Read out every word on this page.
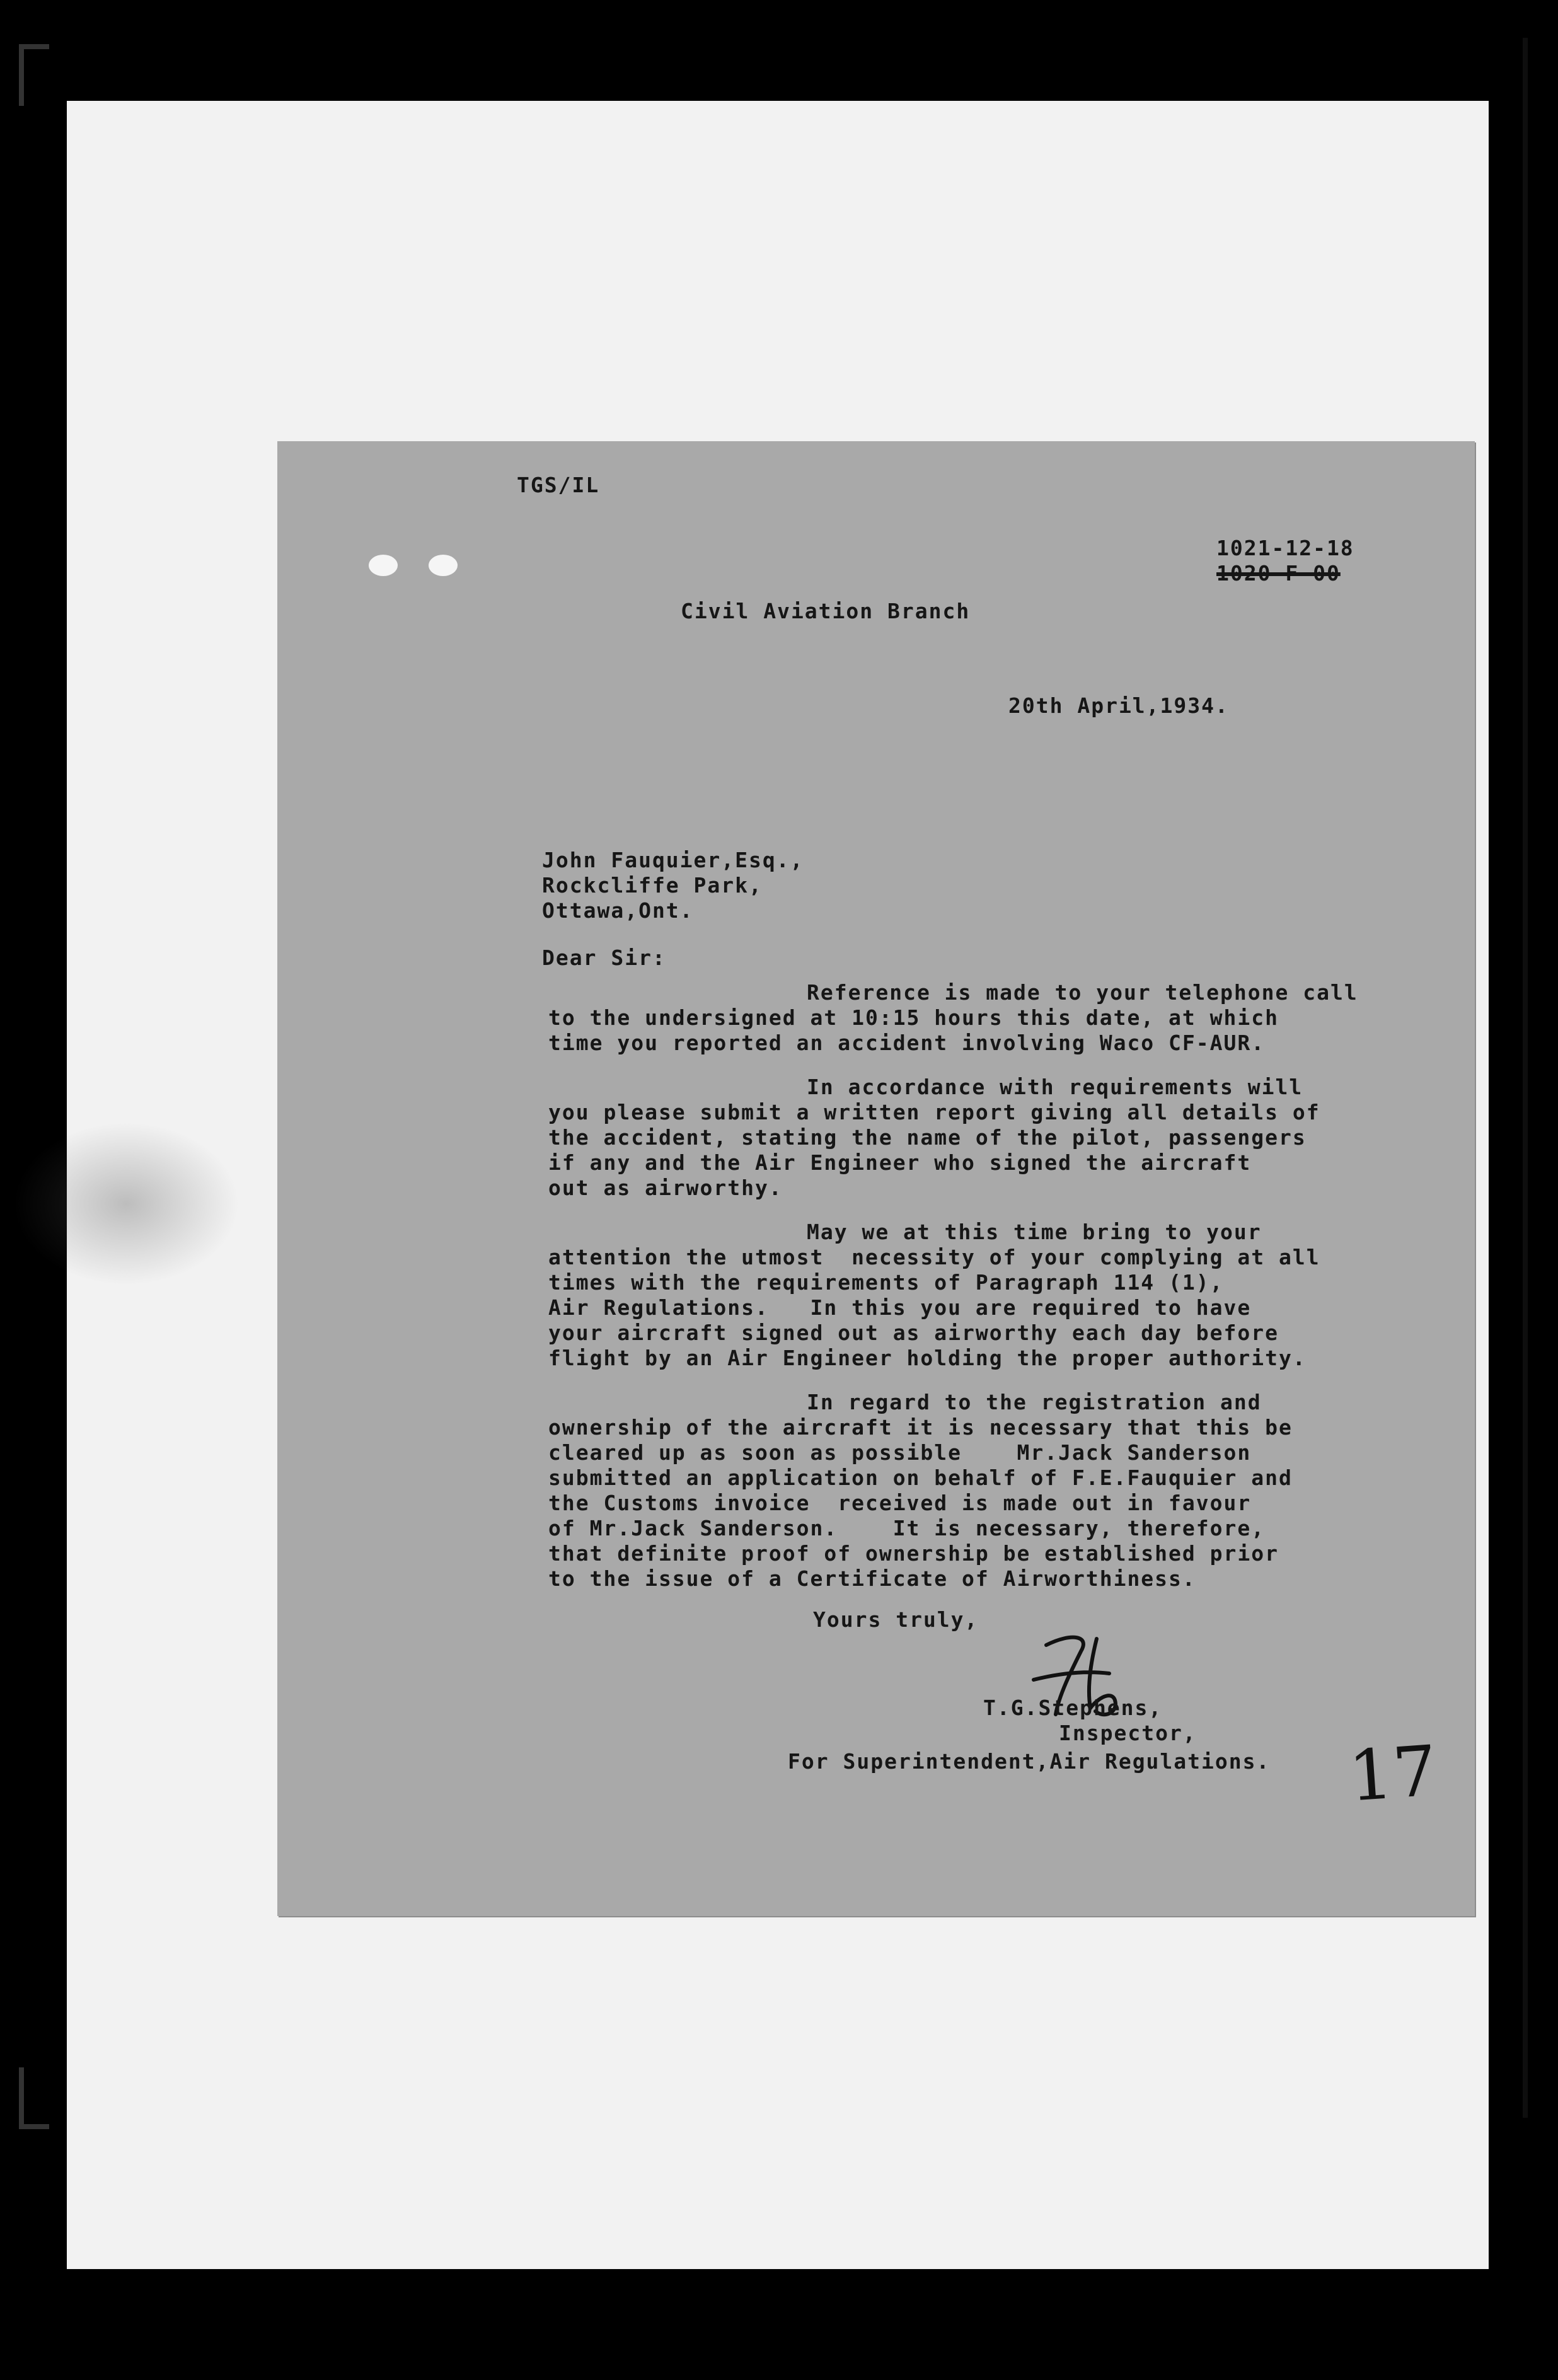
TGS/IL
1021-12-18
1020-F-00
Civil Aviation Branch
20th April,1934.
John Fauquier,Esq.,
Rockcliffe Park,
Ottawa,Ont.
Dear Sir:
Reference is made to your telephone call
to the undersigned at 10:15 hours this date, at which
time you reported an accident involving Waco CF-AUR.
In accordance with requirements will
you please submit a written report giving all details of
the accident, stating the name of the pilot, passengers
if any and the Air Engineer who signed the aircraft
out as airworthy.
May we at this time bring to your
attention the utmost  necessity of your complying at all
times with the requirements of Paragraph 114 (1),
Air Regulations.   In this you are required to have
your aircraft signed out as airworthy each day before
flight by an Air Engineer holding the proper authority.
In regard to the registration and
ownership of the aircraft it is necessary that this be
cleared up as soon as possible    Mr.Jack Sanderson
submitted an application on behalf of F.E.Fauquier and
the Customs invoice  received is made out in favour
of Mr.Jack Sanderson.    It is necessary, therefore,
that definite proof of ownership be established prior
to the issue of a Certificate of Airworthiness.
Yours truly,
T.G.Stephens,
Inspector,
For Superintendent,Air Regulations. 17
